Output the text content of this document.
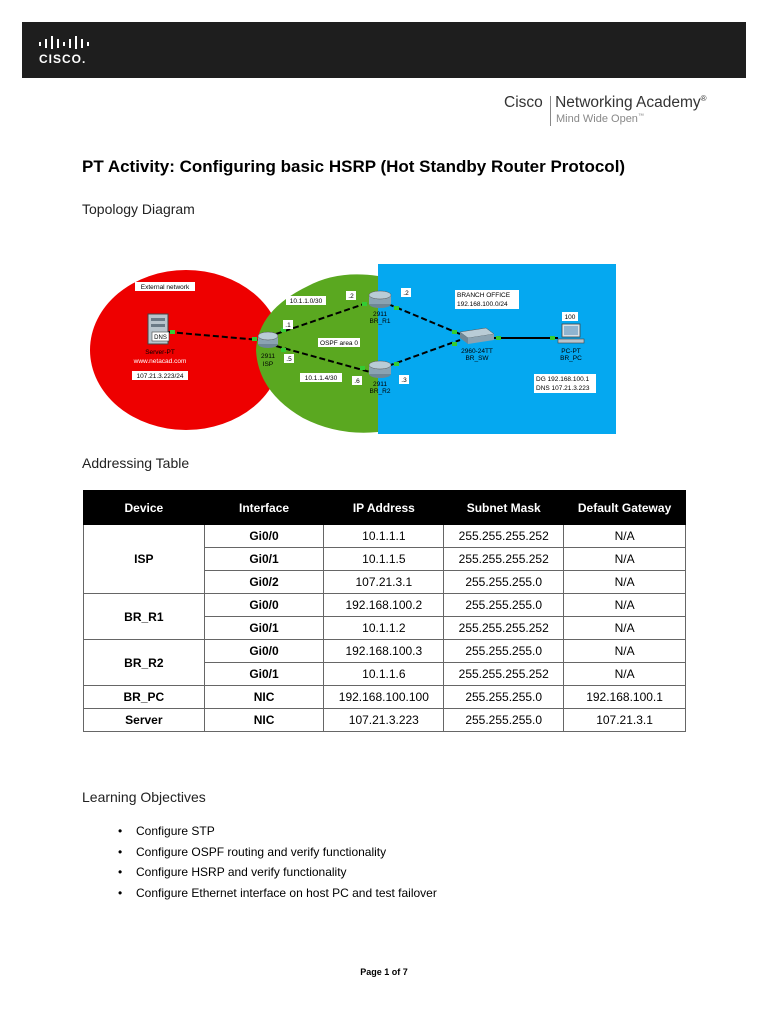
CISCO.
Cisco Networking Academy®
Mind Wide Open™
PT Activity: Configuring basic HSRP (Hot Standby Router Protocol)
Topology Diagram
DNS
External network
Server-PT
www.netacad.com
107.21.3.223/24
2911
ISP
2911
BR_R1
2911
BR_R2
10.1.1.0/30
OSPF area 0
10.1.1.4/30
.2
.1
.5
.6
.2
.3
BRANCH OFFICE
192.168.100.0/24
2960-24TT
BR_SW
100
PC-PT
BR_PC
DG 192.168.100.1
DNS 107.21.3.223
Addressing Table
Device	Interface	IP Address	Subnet Mask	Default Gateway
ISP	Gi0/0	10.1.1.1	255.255.255.252	N/A
	Gi0/1	10.1.1.5	255.255.255.252	N/A
	Gi0/2	107.21.3.1	255.255.255.0	N/A
BR_R1	Gi0/0	192.168.100.2	255.255.255.0	N/A
	Gi0/1	10.1.1.2	255.255.255.252	N/A
BR_R2	Gi0/0	192.168.100.3	255.255.255.0	N/A
	Gi0/1	10.1.1.6	255.255.255.252	N/A
BR_PC	NIC	192.168.100.100	255.255.255.0	192.168.100.1
Server	NIC	107.21.3.223	255.255.255.0	107.21.3.1
Learning Objectives
• Configure STP
• Configure OSPF routing and verify functionality
• Configure HSRP and verify functionality
• Configure Ethernet interface on host PC and test failover
Page 1 of 7
